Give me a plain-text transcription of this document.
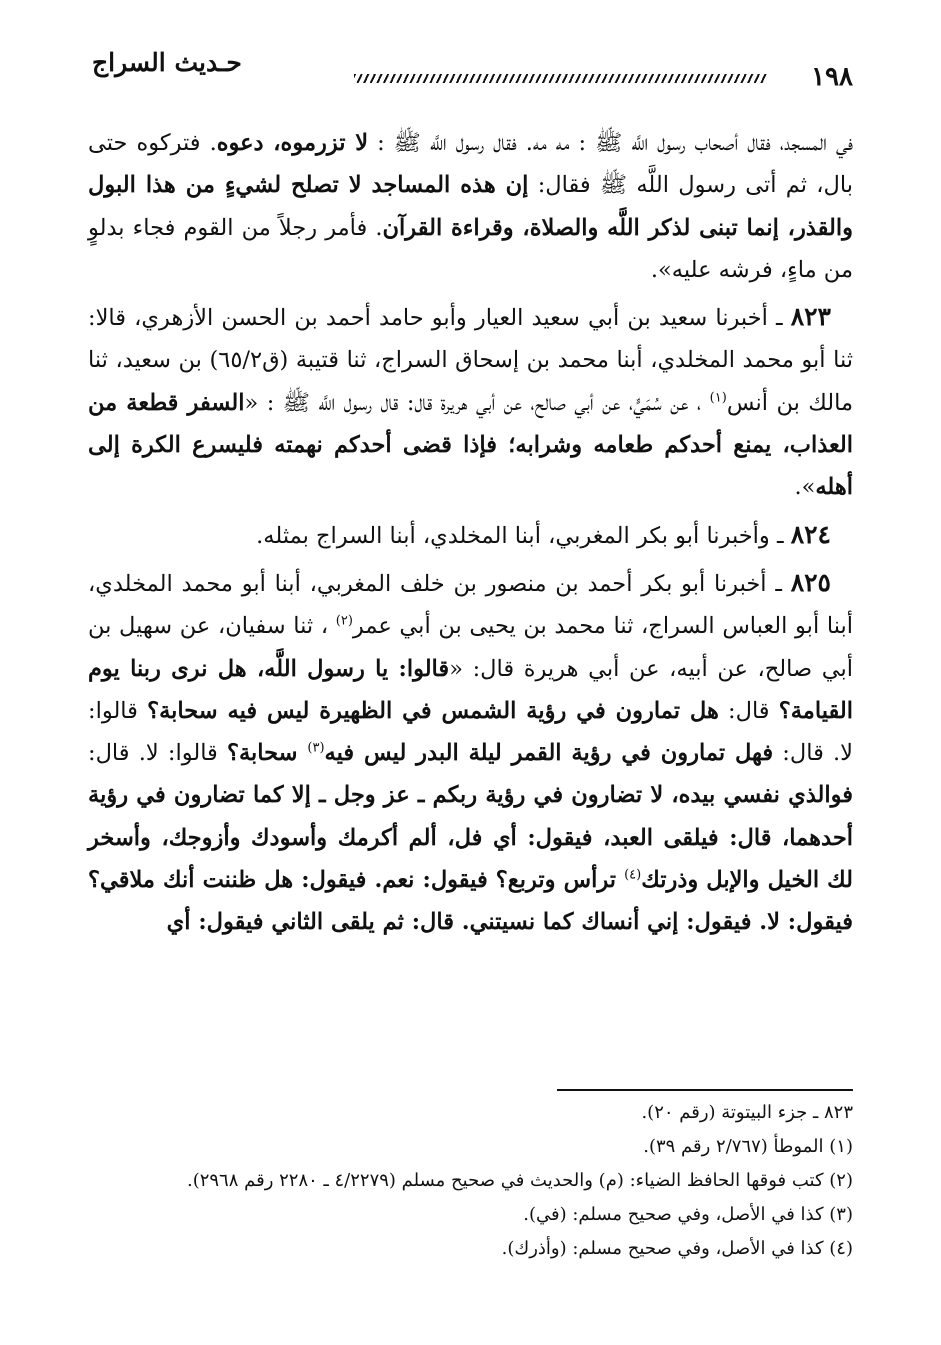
١٩٨
حـديث السراج

في المسجد، فقال أصحاب رسول اللَّه ﷺ : مه مه. فقال رسول اللَّه ﷺ : لا تزرموه، دعوه. فتركوه حتى بال، ثم أتى رسول اللَّه ﷺ فقال: إن هذه المساجد لا تصلح لشيءٍ من هذا البول والقذر، إنما تبنى لذكر اللَّه والصلاة، وقراءة القرآن. فأمر رجلاً من القوم فجاء بدلوٍ من ماءٍ، فرشه عليه».

٨٢٣ ـ أخبرنا سعيد بن أبي سعيد العيار وأبو حامد أحمد بن الحسن الأزهري، قالا: ثنا أبو محمد المخلدي، أبنا محمد بن إسحاق السراج، ثنا قتيبة (ق٦٥/٢) بن سعيد، ثنا مالك بن أنس$^{(١)}$ ، عن سُمَيٍّ، عن أبي صالح، عن أبي هريرة قال: قال رسول اللَّه ﷺ : «السفر قطعة من العذاب، يمنع أحدكم طعامه وشرابه؛ فإذا قضى أحدكم نهمته فليسرع الكرة إلى أهله».

٨٢٤ ـ وأخبرنا أبو بكر المغربي، أبنا المخلدي، أبنا السراج بمثله.

٨٢٥ ـ أخبرنا أبو بكر أحمد بن منصور بن خلف المغربي، أبنا أبو محمد المخلدي، أبنا أبو العباس السراج، ثنا محمد بن يحيى بن أبي عمر$^{(٢)}$ ، ثنا سفيان، عن سهيل بن أبي صالح، عن أبيه، عن أبي هريرة قال: «قالوا: يا رسول اللَّه، هل نرى ربنا يوم القيامة؟ قال: هل تمارون في رؤية الشمس في الظهيرة ليس فيه سحابة؟ قالوا: لا. قال: فهل تمارون في رؤية القمر ليلة البدر ليس فيه$^{(٣)}$ سحابة؟ قالوا: لا. قال: فوالذي نفسي بيده، لا تضارون في رؤية ربكم ـ عز وجل ـ إلا كما تضارون في رؤية أحدهما، قال: فيلقى العبد، فيقول: أي فل، ألم أكرمك وأسودك وأزوجك، وأسخر لك الخيل والإبل وذرتك$^{(٤)}$ ترأس وتربع؟ فيقول: نعم. فيقول: هل ظننت أنك ملاقي؟ فيقول: لا. فيقول: إني أنساك كما نسيتني. قال: ثم يلقى الثاني فيقول: أي

٨٢٣ ـ جزء البيتوتة (رقم ٢٠).

(١) الموطأ (٢/٧٦٧ رقم ٣٩).

(٢) كتب فوقها الحافظ الضياء: (م) والحديث في صحيح مسلم (٤/٢٢٧٩ ـ ٢٢٨٠ رقم ٢٩٦٨).

(٣) كذا في الأصل، وفي صحيح مسلم: (في).

(٤) كذا في الأصل، وفي صحيح مسلم: (وأذرك).
